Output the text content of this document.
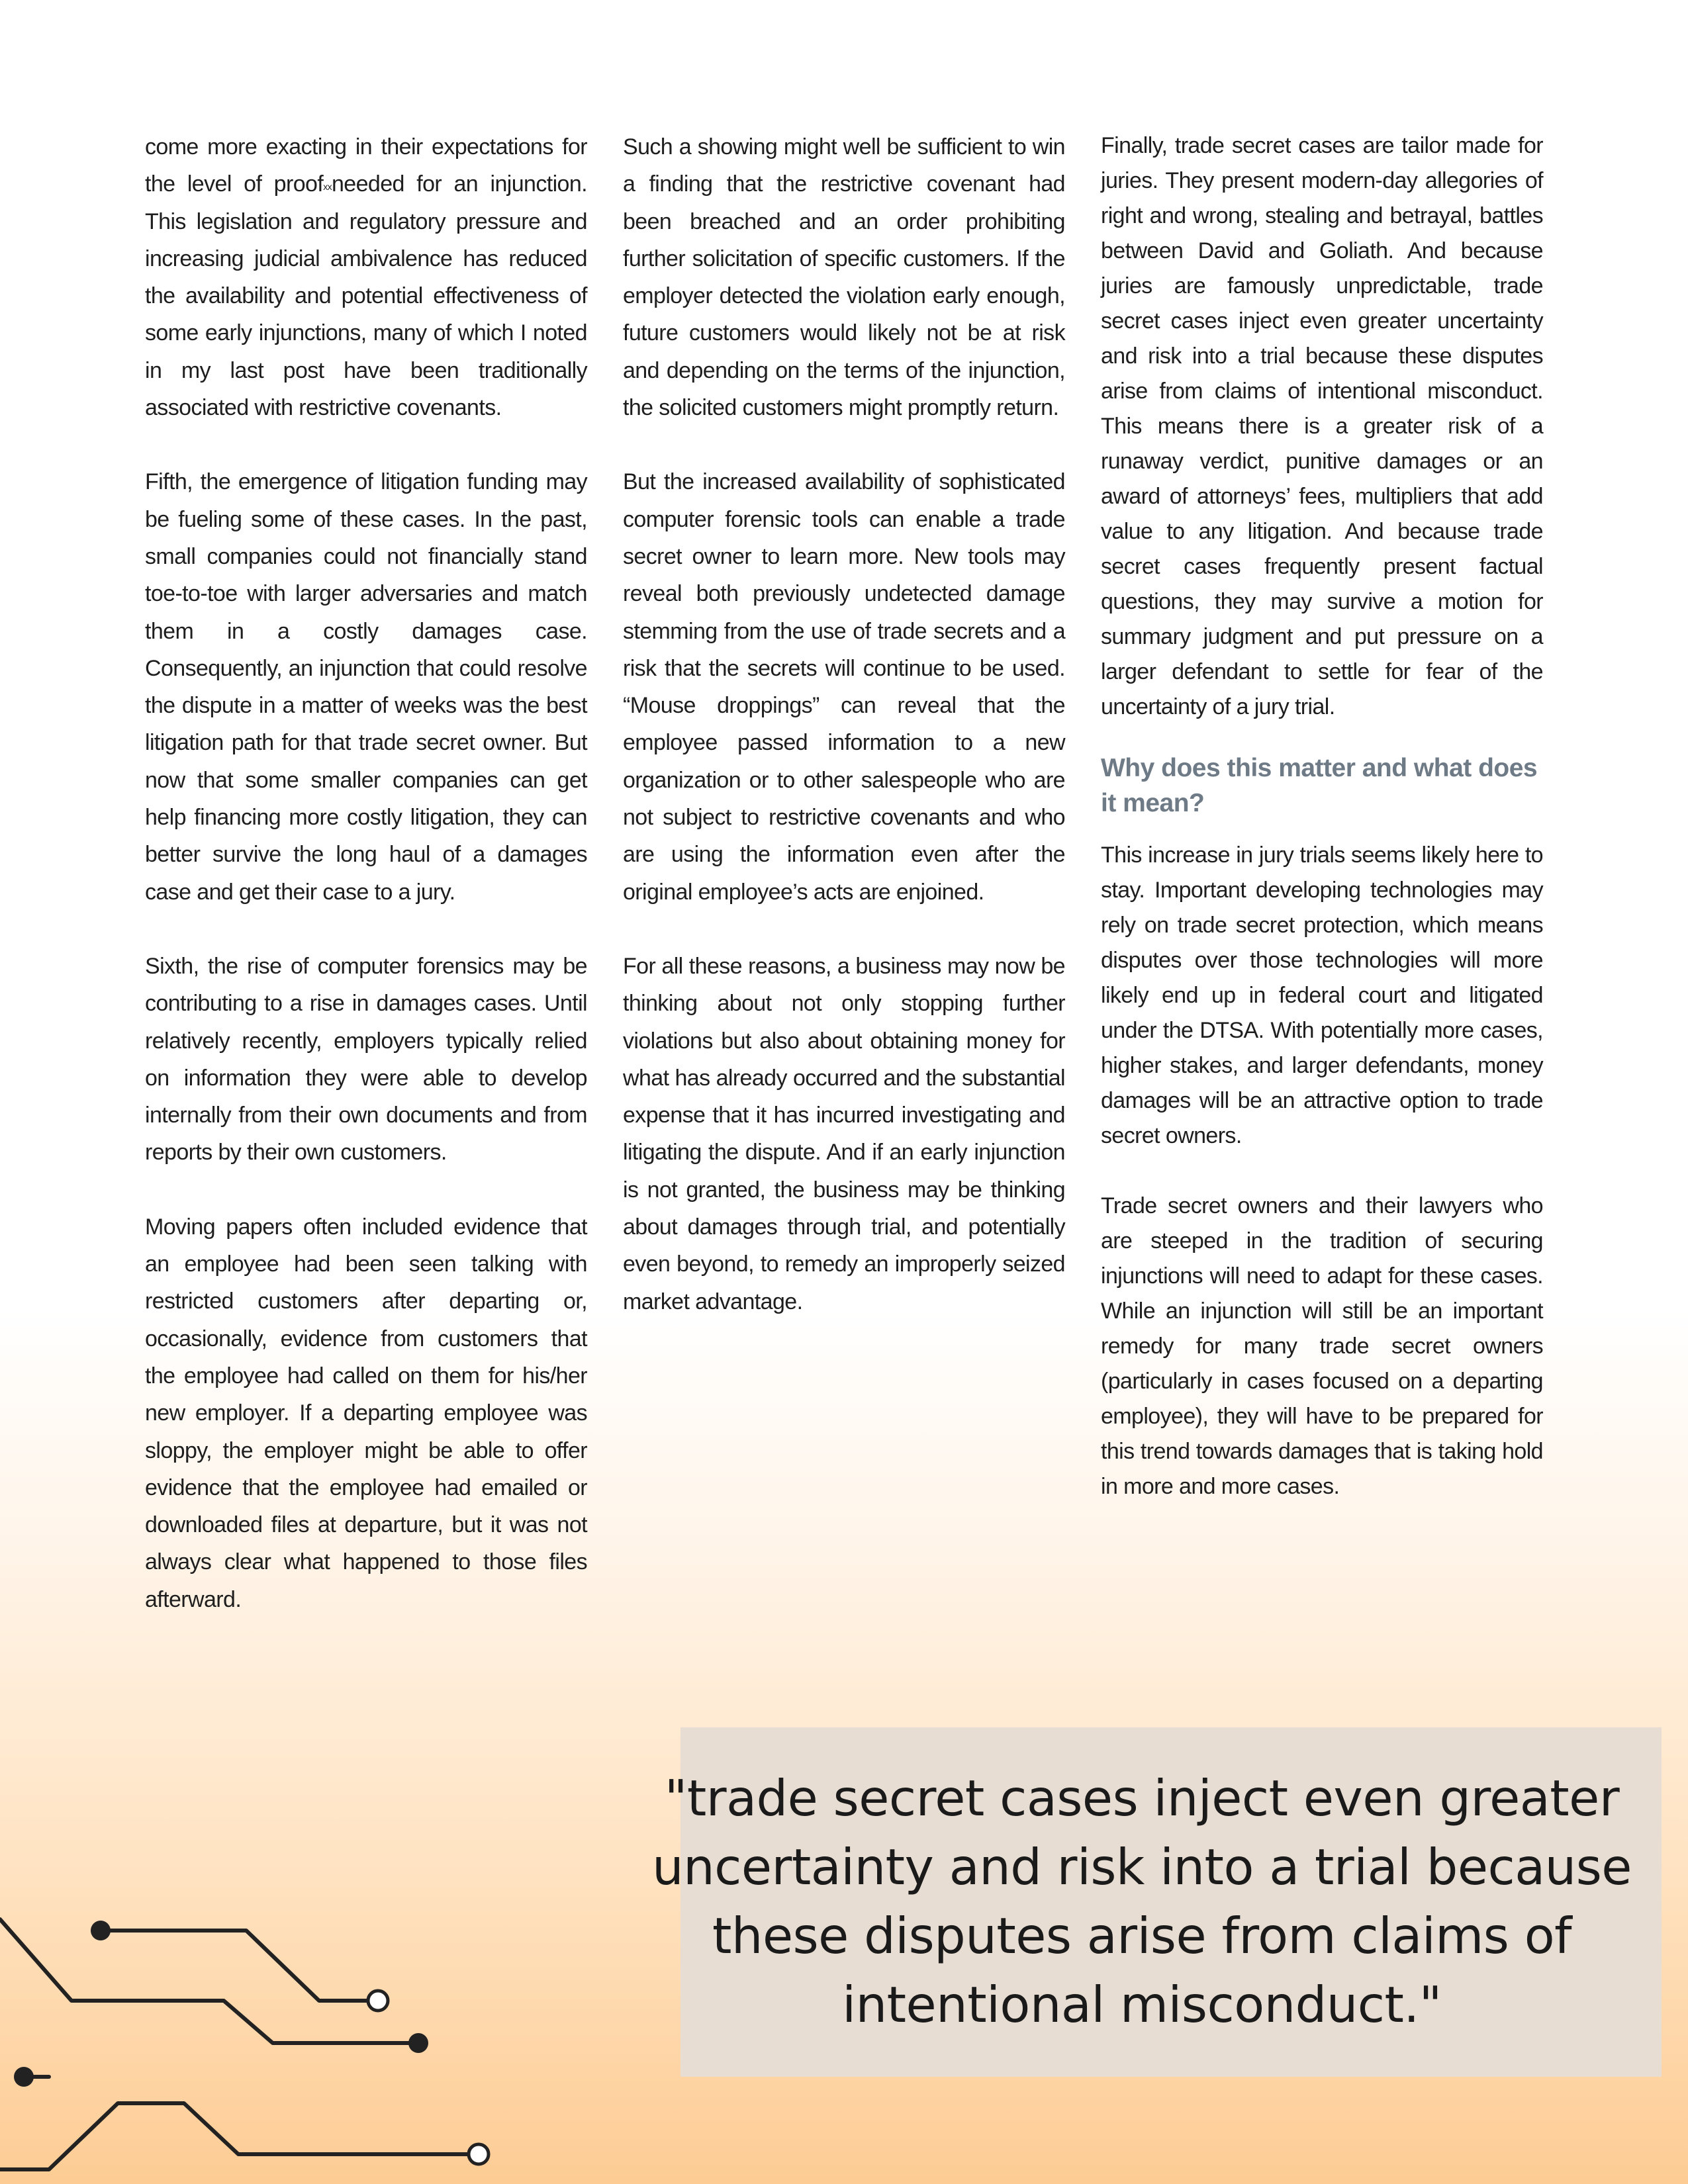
come more exacting in their expectations for the level of proof$^{xx}$needed for an injunction. This legislation and regulatory pressure and increasing judicial ambivalence has reduced the availability and potential effectiveness of some early injunctions, many of which I noted in my last post have been traditionally associated with restrictive covenants.

Fifth, the emergence of litigation funding may be fueling some of these cases. In the past, small companies could not financially stand toe-to-toe with larger adversaries and match them in a costly damages case. Consequently, an injunction that could resolve the dispute in a matter of weeks was the best litigation path for that trade secret owner. But now that some smaller companies can get help financing more costly litigation, they can better survive the long haul of a damages case and get their case to a jury.

Sixth, the rise of computer forensics may be contributing to a rise in damages cases. Until relatively recently, employers typically relied on information they were able to develop internally from their own documents and from reports by their own customers.

Moving papers often included evidence that an employee had been seen talking with restricted customers after departing or, occasionally, evidence from customers that the employee had called on them for his/her new employer. If a departing employee was sloppy, the employer might be able to offer evidence that the employee had emailed or downloaded files at departure, but it was not always clear what happened to those files afterward.

Such a showing might well be sufficient to win a finding that the restrictive covenant had been breached and an order prohibiting further solicitation of specific customers. If the employer detected the violation early enough, future customers would likely not be at risk and depending on the terms of the injunction, the solicited customers might promptly return.

But the increased availability of sophisticated computer forensic tools can enable a trade secret owner to learn more. New tools may reveal both previously undetected damage stemming from the use of trade secrets and a risk that the secrets will continue to be used. “Mouse droppings” can reveal that the employee passed information to a new organization or to other salespeople who are not subject to restrictive covenants and who are using the information even after the original employee’s acts are enjoined.

For all these reasons, a business may now be thinking about not only stopping further violations but also about obtaining money for what has already occurred and the substantial expense that it has incurred investigating and litigating the dispute. And if an early injunction is not granted, the business may be thinking about damages through trial, and potentially even beyond, to remedy an improperly seized market advantage.

Finally, trade secret cases are tailor made for juries. They present modern-day allegories of right and wrong, stealing and betrayal, battles between David and Goliath. And because juries are famously unpredictable, trade secret cases inject even greater uncertainty and risk into a trial because these disputes arise from claims of intentional misconduct. This means there is a greater risk of a runaway verdict, punitive damages or an award of attorneys’ fees, multipliers that add value to any litigation. And because trade secret cases frequently present factual questions, they may survive a motion for summary judgment and put pressure on a larger defendant to settle for fear of the uncertainty of a jury trial.

Why does this matter and what does it mean?

This increase in jury trials seems likely here to stay. Important developing technologies may rely on trade secret protection, which means disputes over those technologies will more likely end up in federal court and litigated under the DTSA. With potentially more cases, higher stakes, and larger defendants, money damages will be an attractive option to trade secret owners.

Trade secret owners and their lawyers who are steeped in the tradition of securing injunctions will need to adapt for these cases. While an injunction will still be an important remedy for many trade secret owners (particularly in cases focused on a departing employee), they will have to be prepared for this trend towards damages that is taking hold in more and more cases.

"trade secret cases inject even greater uncertainty and risk into a trial because these disputes arise from claims of intentional misconduct."
